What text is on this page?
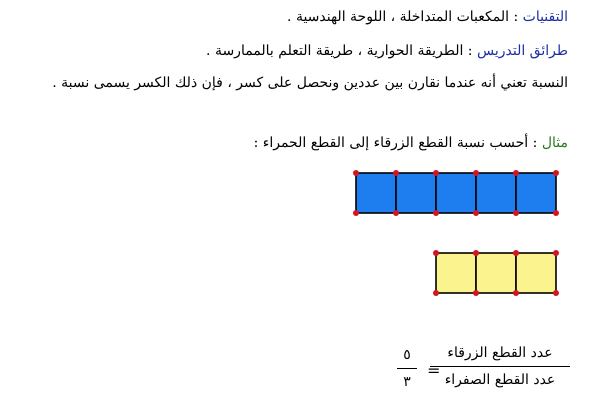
التقنيات : المكعبات المتداخلة ، اللوحة الهندسية .
طرائق التدريس : الطريقة الحوارية ، طريقة التعلم بالممارسة .
النسبة تعني أنه عندما نقارن بين عددين ونحصل على كسر ، فإن ذلك الكسر يسمى نسبة .
مثال : أحسب نسبة القطع الزرقاء إلى القطع الحمراء :
عدد القطع الزرقاء
عدد القطع الصفراء
=
٥
٣
